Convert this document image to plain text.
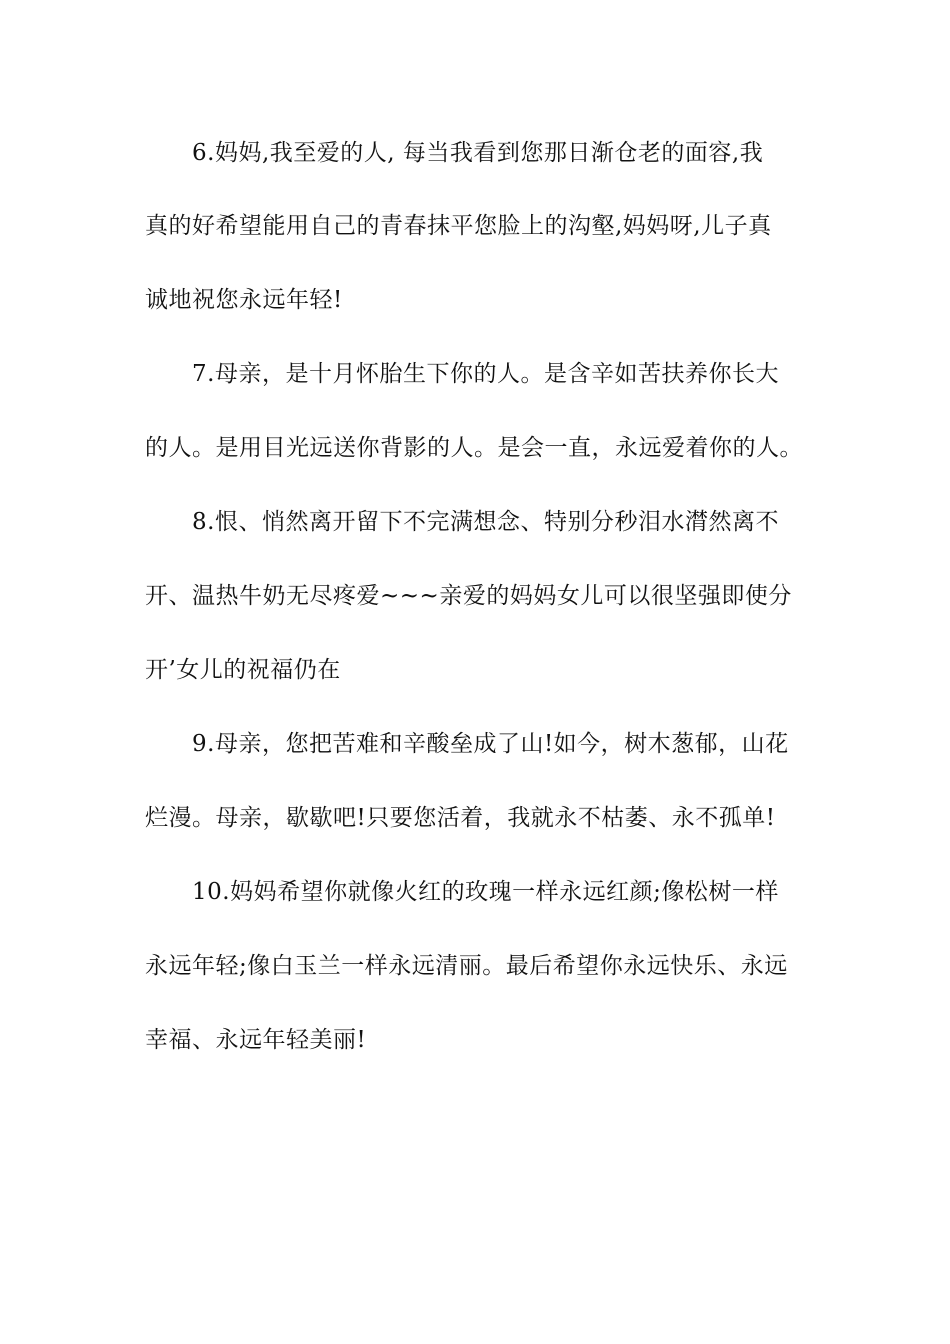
6.妈妈,我至爱的人, 每当我看到您那日渐仓老的面容,我
真的好希望能用自己的青春抹平您脸上的沟壑,妈妈呀,儿子真
诚地祝您永远年轻!
7.母亲，是十月怀胎生下你的人。是含辛如苦扶养你长大
的人。是用目光远送你背影的人。是会一直，永远爱着你的人。
8.恨、悄然离开留下不完满想念、特别分秒泪水潸然离不
开、温热牛奶无尽疼爱~~~亲爱的妈妈女儿可以很坚强即使分
开’女儿的祝福仍在
9.母亲，您把苦难和辛酸垒成了山!如今，树木葱郁，山花
烂漫。母亲，歇歇吧!只要您活着，我就永不枯萎、永不孤单!
10.妈妈希望你就像火红的玫瑰一样永远红颜;像松树一样
永远年轻;像白玉兰一样永远清丽。最后希望你永远快乐、永远
幸福、永远年轻美丽!
